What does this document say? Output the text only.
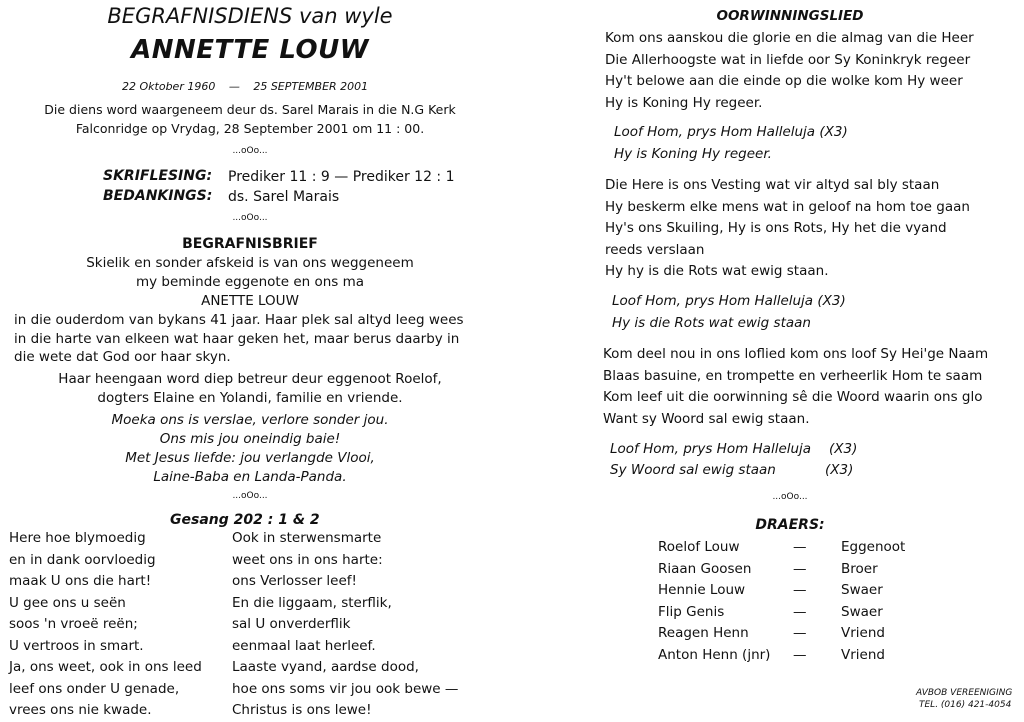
BEGRAFNISDIENS van wyle
ANNETTE LOUW
22 Oktober 1960 — 25 SEPTEMBER 2001
Die diens word waargeneem deur ds. Sarel Marais in die N.G Kerk
Falconridge op Vrydag, 28 September 2001 om 11 : 00.
...oOo...
SKRIFLESING: Prediker 11 : 9 — Prediker 12 : 1
BEDANKINGS: ds. Sarel Marais
...oOo...
BEGRAFNISBRIEF
Skielik en sonder afskeid is van ons weggeneem
my beminde eggenote en ons ma
ANETTE LOUW
in die ouderdom van bykans 41 jaar. Haar plek sal altyd leeg wees
in die harte van elkeen wat haar geken het, maar berus daarby in
die wete dat God oor haar skyn.
Haar heengaan word diep betreur deur eggenoot Roelof,
dogters Elaine en Yolandi, familie en vriende.
Moeka ons is verslae, verlore sonder jou.
Ons mis jou oneindig baie!
Met Jesus liefde: jou verlangde Vlooi,
Laine-Baba en Landa-Panda.
...oOo...
Gesang 202 : 1 & 2
Here hoe blymoedig
en in dank oorvloedig
maak U ons die hart!
U gee ons u seën
soos 'n vroeë reën;
U vertroos in smart.
Ja, ons weet, ook in ons leed
leef ons onder U genade,
vrees ons nie kwade.
Ook in sterwensmarte
weet ons in ons harte:
ons Verlosser leef!
En die liggaam, sterflik,
sal U onverderflik
eenmaal laat herleef.
Laaste vyand, aardse dood,
hoe ons soms vir jou ook bewe —
Christus is ons lewe!
OORWINNINGSLIED
Kom ons aanskou die glorie en die almag van die Heer
Die Allerhoogste wat in liefde oor Sy Koninkryk regeer
Hy't belowe aan die einde op die wolke kom Hy weer
Hy is Koning Hy regeer.
Loof Hom, prys Hom Halleluja (X3)
Hy is Koning Hy regeer.
Die Here is ons Vesting wat vir altyd sal bly staan
Hy beskerm elke mens wat in geloof na hom toe gaan
Hy's ons Skuiling, Hy is ons Rots, Hy het die vyand
reeds verslaan
Hy hy is die Rots wat ewig staan.
Loof Hom, prys Hom Halleluja (X3)
Hy is die Rots wat ewig staan
Kom deel nou in ons loflied kom ons loof Sy Hei'ge Naam
Blaas basuine, en trompette en verheerlik Hom te saam
Kom leef uit die oorwinning sê die Woord waarin ons glo
Want sy Woord sal ewig staan.
Loof Hom, prys Hom Halleluja (X3)
Sy Woord sal ewig staan	(X3)
...oOo...
DRAERS:
Roelof Louw
Riaan Goosen
Hennie Louw
Flip Genis
Reagen Henn
Anton Henn (jnr)
—
—
—
—
—
—
Eggenoot
Broer
Swaer
Swaer
Vriend
Vriend
AVBOB VEREENIGING
TEL. (016) 421-4054
